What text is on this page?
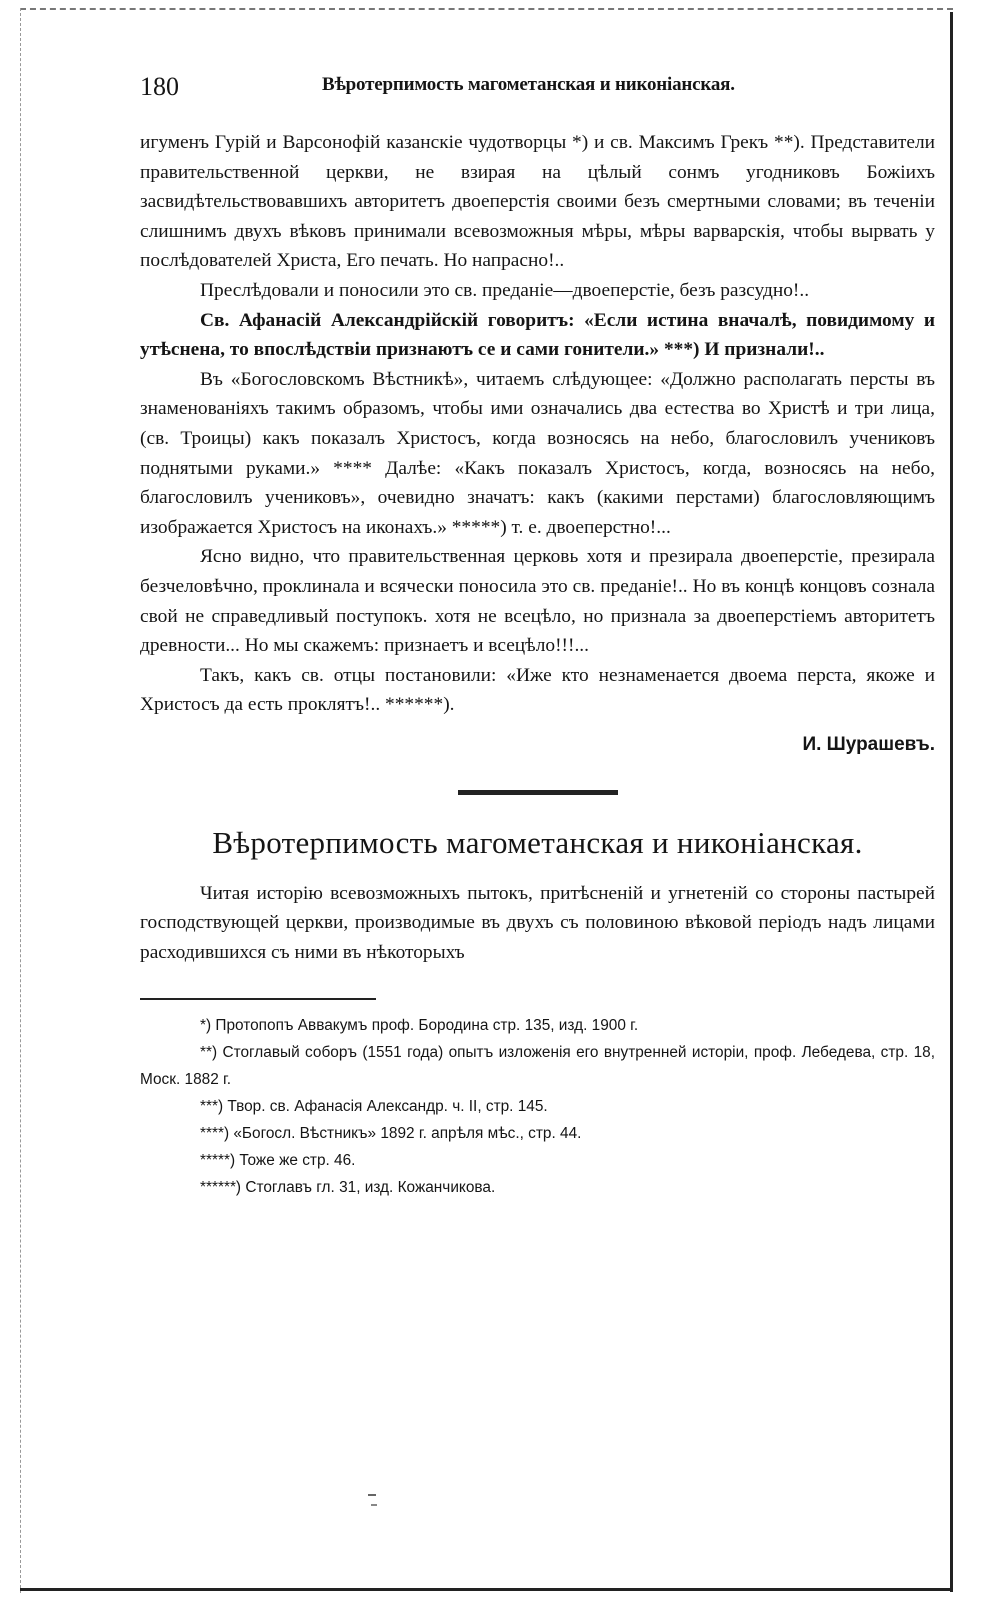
180	Вѣротерпимость магометанская и никоніанская.

игуменъ Гурій и Варсонофій казанскіе чудотворцы *) и св. Максимъ Грекъ **). Представители правительственной церкви, не взирая на цѣлый сонмъ угодниковъ Божіихъ засвидѣтельствовавшихъ авторитетъ двоеперстія своими безъ смертными словами; въ теченіи слишнимъ двухъ вѣковъ принимали всевозможныя мѣры, мѣры варварскія, чтобы вырвать у послѣдователей Христа, Его печать. Но напрасно!..

Преслѣдовали и поносили это св. преданіе—двоеперстіе, безъ разсудно!..

Св. Афанасій Александрійскій говоритъ: «Если истина вначалѣ, повидимому и утѣснена, то впослѣдствіи признаютъ се и сами гонители.» ***) И признали!..

Въ «Богословскомъ Вѣстникѣ», читаемъ слѣдующее: «Должно располагать персты въ знаменованіяхъ такимъ образомъ, чтобы ими означались два естества во Христѣ и три лица, (св. Троицы) какъ показалъ Христосъ, когда возносясь на небо, благословилъ учениковъ поднятыми руками.» **** Далѣе: «Какъ показалъ Христосъ, когда, возносясь на небо, благословилъ учениковъ», очевидно значатъ: какъ (какими перстами) благословляющимъ изображается Христосъ на иконахъ.» *****) т. е. двоеперстно!...

Ясно видно, что правительственная церковь хотя и презирала двоеперстіе, презирала безчеловѣчно, проклинала и всячески поносила это св. преданіе!.. Но въ концѣ концовъ сознала свой не справедливый поступокъ. хотя не всецѣло, но признала за двоеперстіемъ авторитетъ древности... Но мы скажемъ: признаетъ и всецѣло!!!...

Такъ, какъ св. отцы постановили: «Иже кто незнаменается двоема перста, якоже и Христосъ да есть проклятъ!.. ******).

И. Шурашевъ.
Вѣротерпимость магометанская и никоніанская.

Читая исторію всевозможныхъ пытокъ, притѣсненій и угнетеній со стороны пастырей господствующей церкви, производимые въ двухъ съ половиною вѣковой періодъ надъ лицами расходившихся съ ними въ нѣкоторыхъ

*) Протопопъ Аввакумъ проф. Бородина стр. 135, изд. 1900 г.

**) Стоглавый соборъ (1551 года) опытъ изложенія его внутренней исторіи, проф. Лебедева, стр. 18, Моск. 1882 г.

***) Твор. св. Афанасія Александр. ч. II, стр. 145.

****) «Богосл. Вѣстникъ» 1892 г. апрѣля мѣс., стр. 44.

*****) Тоже же стр. 46.

******) Стоглавъ гл. 31, изд. Кожанчикова.
